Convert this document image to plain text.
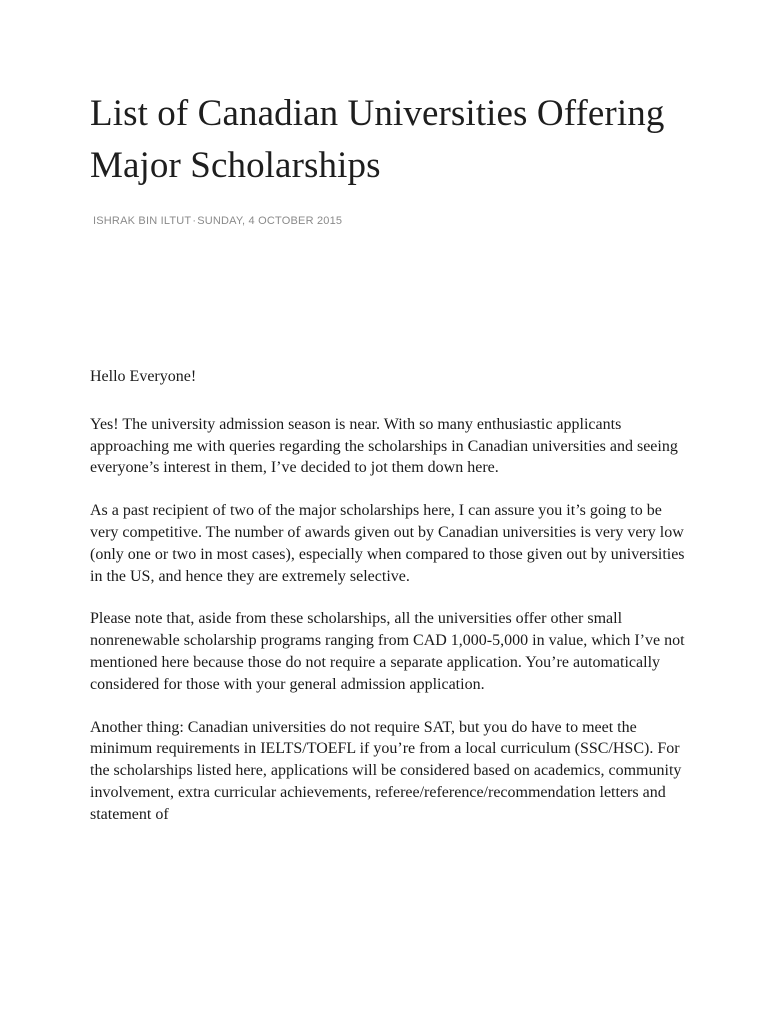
List of Canadian Universities Offering Major Scholarships
ISHRAK BIN ILTUT·SUNDAY, 4 OCTOBER 2015

Hello Everyone!

Yes! The university admission season is near. With so many enthusiastic applicants approaching me with queries regarding the scholarships in Canadian universities and seeing everyone’s interest in them, I’ve decided to jot them down here.

As a past recipient of two of the major scholarships here, I can assure you it’s going to be very competitive. The number of awards given out by Canadian universities is very very low (only one or two in most cases), especially when compared to those given out by universities in the US, and hence they are extremely selective.

Please note that, aside from these scholarships, all the universities offer other small nonrenewable scholarship programs ranging from CAD 1,000-5,000 in value, which I’ve not mentioned here because those do not require a separate application. You’re automatically considered for those with your general admission application.

Another thing: Canadian universities do not require SAT, but you do have to meet the minimum requirements in IELTS/TOEFL if you’re from a local curriculum (SSC/HSC). For the scholarships listed here, applications will be considered based on academics, community involvement, extra curricular achievements, referee/reference/recommendation letters and statement of
